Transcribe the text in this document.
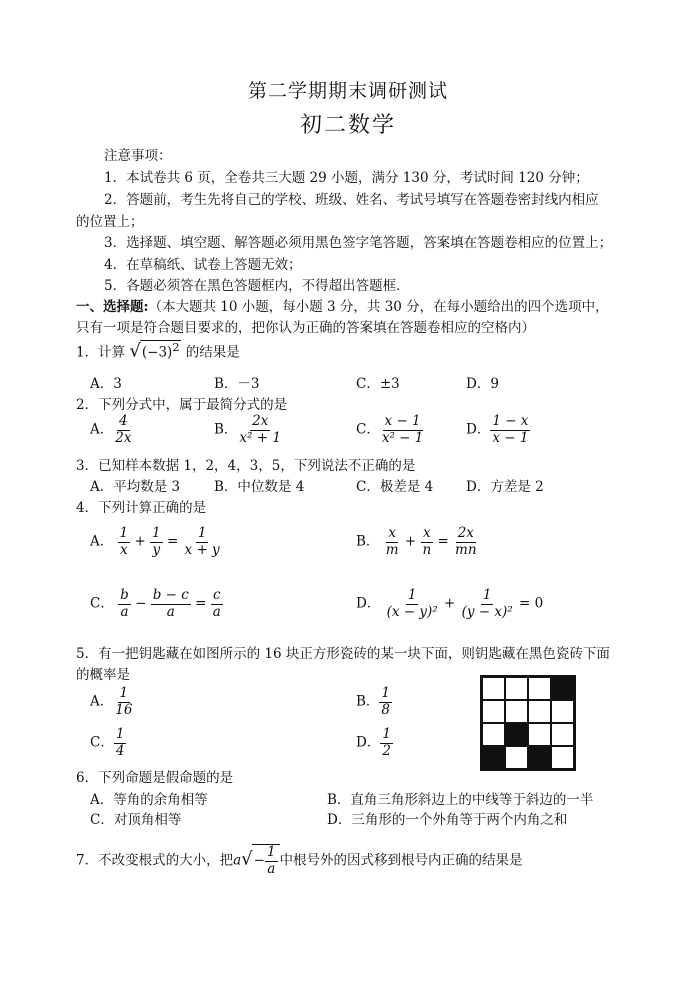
第二学期期末调研测试
初二数学
注意事项：
1．本试卷共 6 页，全卷共三大题 29 小题，满分 130 分，考试时间 120 分钟；
2．答题前，考生先将自己的学校、班级、姓名、考试号填写在答题卷密封线内相应
的位置上；
3．选择题、填空题、解答题必须用黑色签字笔答题，答案填在答题卷相应的位置上；
4．在草稿纸、试卷上答题无效；
5．各题必须答在黑色答题框内，不得超出答题框．
一、选择题:（本大题共 10 小题，每小题 3 分，共 30 分，在每小题给出的四个选项中，
只有一项是符合题目要求的，把你认为正确的答案填在答题卷相应的空格内）
1．计算 $√(-3)^2$ 的结果是
A．3	B．－3	C．±3	D．9
2．下列分式中，属于最简分式的是
A． $\frac{4}{2x}$	B． $\frac{2x}{\text{x² + 1}}$	C． $\frac{x - 1}{\text{x² − 1}}$	D． $\frac{1 - x}{x - 1}$
3．已知样本数据 1，2，4，3，5，下列说法不正确的是
A．平均数是 3	B．中位数是 4	C．极差是 4 D．方差是 2
4．下列计算正确的是
A． $\frac{1}{x} + \frac{1}{y} = \frac{1}{x + y}$	B． $\frac{x}{m} + \frac{x}{n} = \frac{2x}{mn}$
C． $\frac{b}{a} - \frac{b - c}{a} = \frac{c}{a}$	D． $\frac{1}{\text{(x − y)²}} + \frac{1}{\text{(y − x)²}} = 0$
5．有一把钥匙藏在如图所示的 16 块正方形瓷砖的某一块下面，则钥匙藏在黑色瓷砖下面
的概率是
A． $\frac{1}{16}$	B． $\frac{1}{8}$
C． $\frac{1}{4}$	D． $\frac{1}{2}$
6．下列命题是假命题的是
A．等角的余角相等	B．直角三角形斜边上的中线等于斜边的一半
C．对顶角相等	D．三角形的一个外角等于两个内角之和
7．不改变根式的大小，把$a√- \frac{1}{a}$ 中根号外的因式移到根号内正确的结果是
